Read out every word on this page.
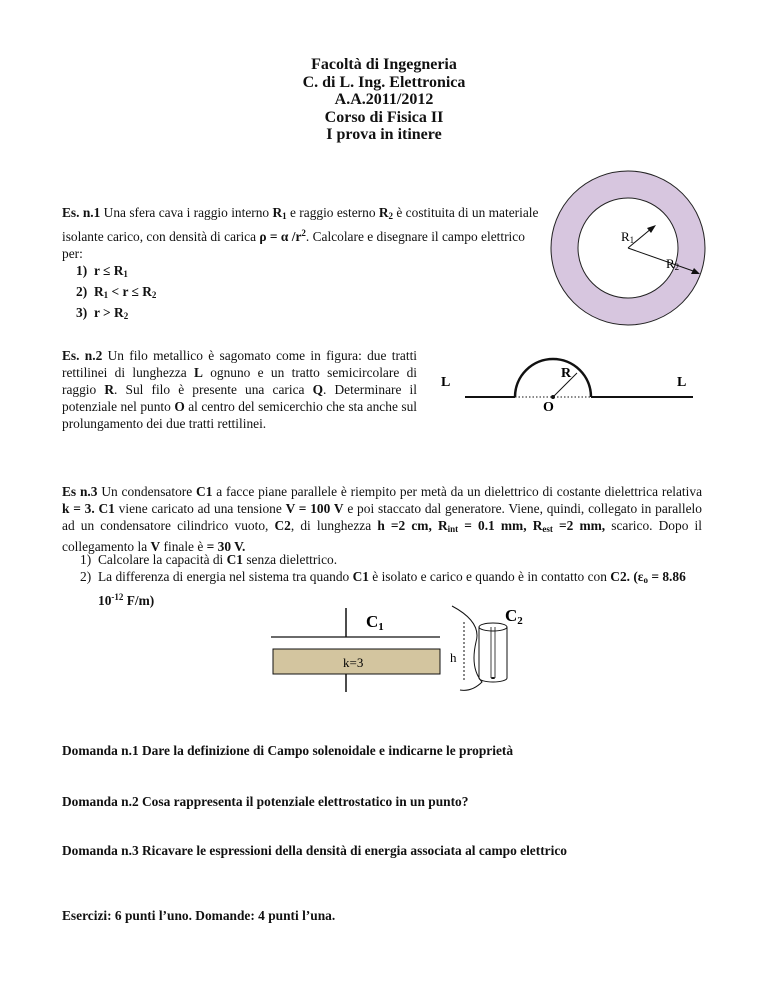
Facoltà di Ingegneria
C. di L. Ing. Elettronica
A.A.2011/2012
Corso di Fisica II
I prova in itinere
Es. n.1 Una sfera cava i raggio interno $R_1$ e raggio esterno $R_2$ è costituita di un materiale isolante carico, con densità di carica ρ = α $/r^2$. Calcolare e disegnare il campo elettrico per:
1) $r \le R_1$
2) $R_1 < r \le R_2$
3) $r > R_2$
R1
R2
Es. n.2 Un filo metallico è sagomato come in figura: due tratti rettilinei di lunghezza L ognuno e un tratto semicircolare di raggio R. Sul filo è presente una carica Q. Determinare il potenziale nel punto O al centro del semicerchio che sta anche sul prolungamento dei due tratti rettilinei.
L
R
O
L
Es n.3 Un condensatore C1 a facce piane parallele è riempito per metà da un dielettrico di costante dielettrica relativa k = 3. C1 viene caricato ad una tensione V = 100 V e poi staccato dal generatore. Viene, quindi, collegato in parallelo ad un condensatore cilindrico vuoto, C2, di lunghezza h =2 cm, $R_{int} = 0.1$ mm, $R_{est} =2$ mm, scarico. Dopo il collegamento la V finale è = 30 V.
1) Calcolare la capacità di C1 senza dielettrico.
2) La differenza di energia nel sistema tra quando C1 è isolato e carico e quando è in contatto con C2. ($\varepsilon_o = 8.86$ $10^{-12}$ F/m)
C1
k=3
C2
h
Domanda n.1 Dare la definizione di Campo solenoidale e indicarne le proprietà
Domanda n.2 Cosa rappresenta il potenziale elettrostatico in un punto?
Domanda n.3 Ricavare le espressioni della densità di energia associata al campo elettrico
Esercizi: 6 punti l’uno. Domande: 4 punti l’una.
